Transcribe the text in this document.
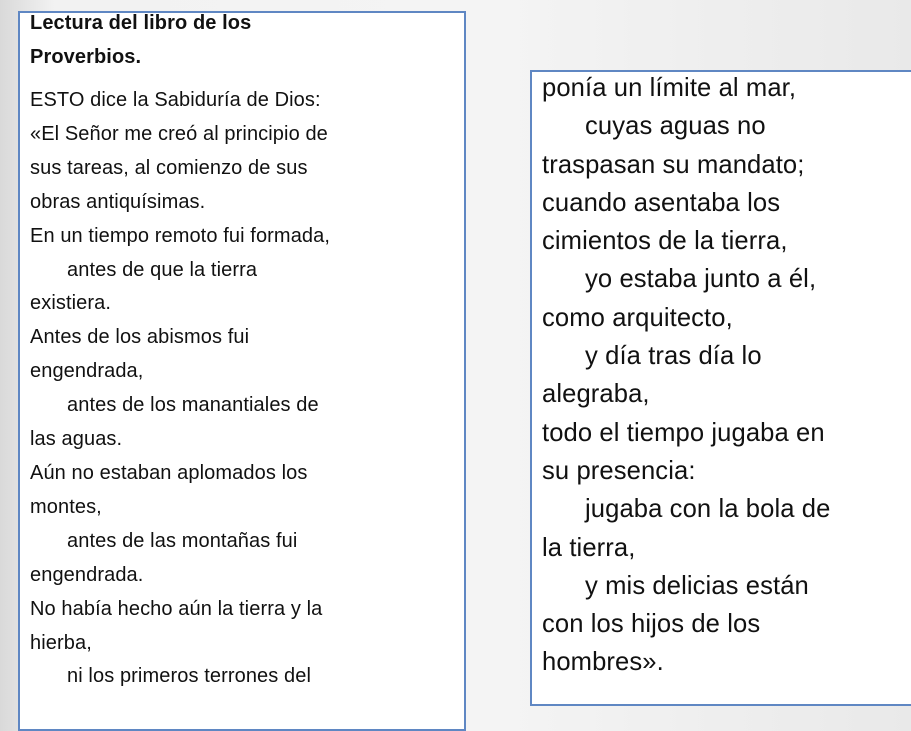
Lectura del libro de los
Proverbios.
ESTO dice la Sabiduría de Dios:
«El Señor me creó al principio de
sus tareas, al comienzo de sus
obras antiquísimas.
En un tiempo remoto fui formada,
antes de que la tierra
existiera.
Antes de los abismos fui
engendrada,
antes de los manantiales de
las aguas.
Aún no estaban aplomados los
montes,
antes de las montañas fui
engendrada.
No había hecho aún la tierra y la
hierba,
ni los primeros terrones del
ponía un límite al mar,
cuyas aguas no
traspasan su mandato;
cuando asentaba los
cimientos de la tierra,
yo estaba junto a él,
como arquitecto,
y día tras día lo
alegraba,
todo el tiempo jugaba en
su presencia:
jugaba con la bola de
la tierra,
y mis delicias están
con los hijos de los
hombres».
